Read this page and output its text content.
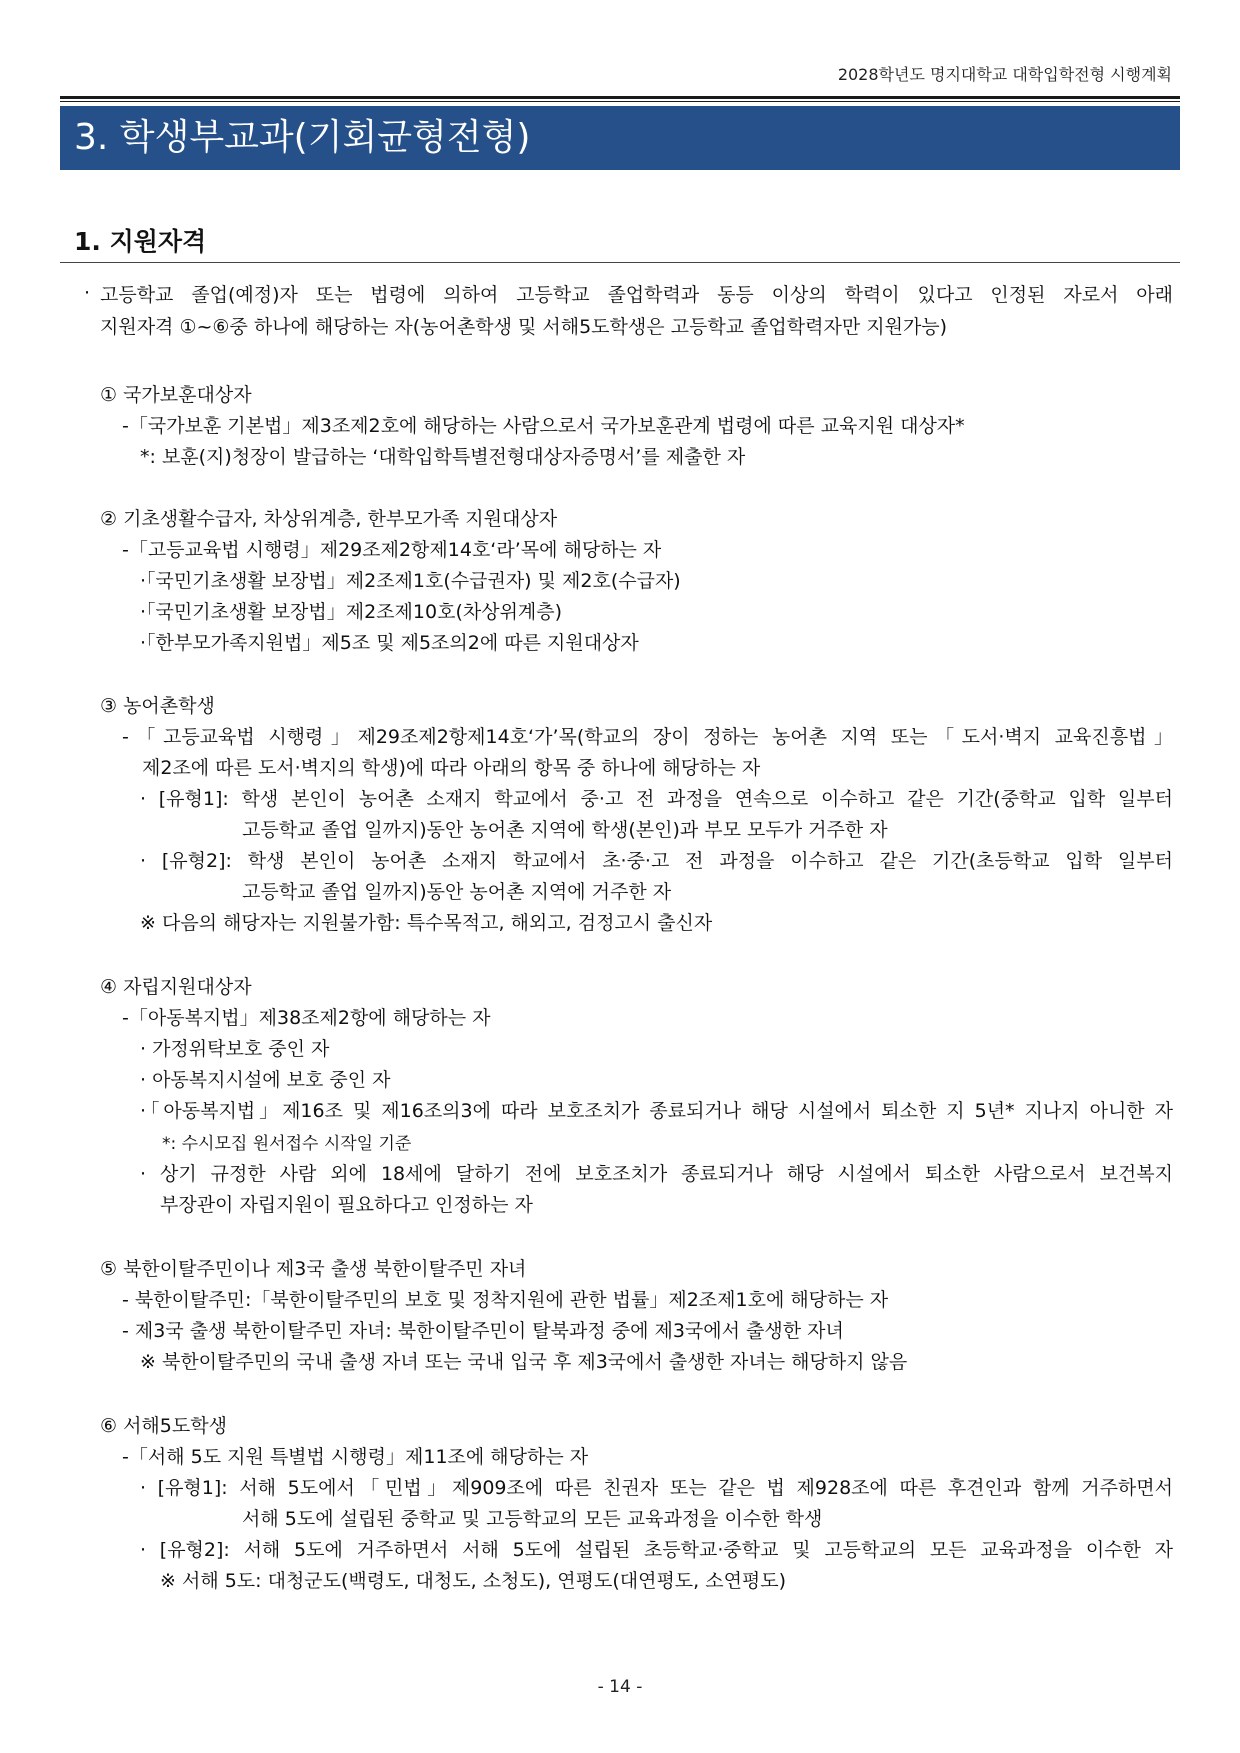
2028학년도 명지대학교 대학입학전형 시행계획
3. 학생부교과(기회균형전형)
1. 지원자격
· 고등학교 졸업(예정)자 또는 법령에 의하여 고등학교 졸업학력과 동등 이상의 학력이 있다고 인정된 자로서 아래
지원자격 ①~⑥중 하나에 해당하는 자(농어촌학생 및 서해5도학생은 고등학교 졸업학력자만 지원가능)
① 국가보훈대상자
-「국가보훈 기본법」제3조제2호에 해당하는 사람으로서 국가보훈관계 법령에 따른 교육지원 대상자*
*: 보훈(지)청장이 발급하는 ‘대학입학특별전형대상자증명서’를 제출한 자
② 기초생활수급자, 차상위계층, 한부모가족 지원대상자
-「고등교육법 시행령」제29조제2항제14호‘라’목에 해당하는 자
·「국민기초생활 보장법」제2조제1호(수급권자) 및 제2호(수급자)
·「국민기초생활 보장법」제2조제10호(차상위계층)
·「한부모가족지원법」제5조 및 제5조의2에 따른 지원대상자
③ 농어촌학생
-「고등교육법 시행령」제29조제2항제14호‘가’목(학교의 장이 정하는 농어촌 지역 또는「도서·벽지 교육진흥법」
제2조에 따른 도서·벽지의 학생)에 따라 아래의 항목 중 하나에 해당하는 자
· [유형1]: 학생 본인이 농어촌 소재지 학교에서 중·고 전 과정을 연속으로 이수하고 같은 기간(중학교 입학 일부터
고등학교 졸업 일까지)동안 농어촌 지역에 학생(본인)과 부모 모두가 거주한 자
· [유형2]: 학생 본인이 농어촌 소재지 학교에서 초·중·고 전 과정을 이수하고 같은 기간(초등학교 입학 일부터
고등학교 졸업 일까지)동안 농어촌 지역에 거주한 자
※ 다음의 해당자는 지원불가함: 특수목적고, 해외고, 검정고시 출신자
④ 자립지원대상자
-「아동복지법」제38조제2항에 해당하는 자
· 가정위탁보호 중인 자
· 아동복지시설에 보호 중인 자
·「아동복지법」제16조 및 제16조의3에 따라 보호조치가 종료되거나 해당 시설에서 퇴소한 지 5년* 지나지 아니한 자
*: 수시모집 원서접수 시작일 기준
· 상기 규정한 사람 외에 18세에 달하기 전에 보호조치가 종료되거나 해당 시설에서 퇴소한 사람으로서 보건복지
부장관이 자립지원이 필요하다고 인정하는 자
⑤ 북한이탈주민이나 제3국 출생 북한이탈주민 자녀
- 북한이탈주민:「북한이탈주민의 보호 및 정착지원에 관한 법률」제2조제1호에 해당하는 자
- 제3국 출생 북한이탈주민 자녀: 북한이탈주민이 탈북과정 중에 제3국에서 출생한 자녀
※ 북한이탈주민의 국내 출생 자녀 또는 국내 입국 후 제3국에서 출생한 자녀는 해당하지 않음
⑥ 서해5도학생
-「서해 5도 지원 특별법 시행령」제11조에 해당하는 자
· [유형1]: 서해 5도에서「민법」제909조에 따른 친권자 또는 같은 법 제928조에 따른 후견인과 함께 거주하면서
서해 5도에 설립된 중학교 및 고등학교의 모든 교육과정을 이수한 학생
· [유형2]: 서해 5도에 거주하면서 서해 5도에 설립된 초등학교·중학교 및 고등학교의 모든 교육과정을 이수한 자
※ 서해 5도: 대청군도(백령도, 대청도, 소청도), 연평도(대연평도, 소연평도)
- 14 -
